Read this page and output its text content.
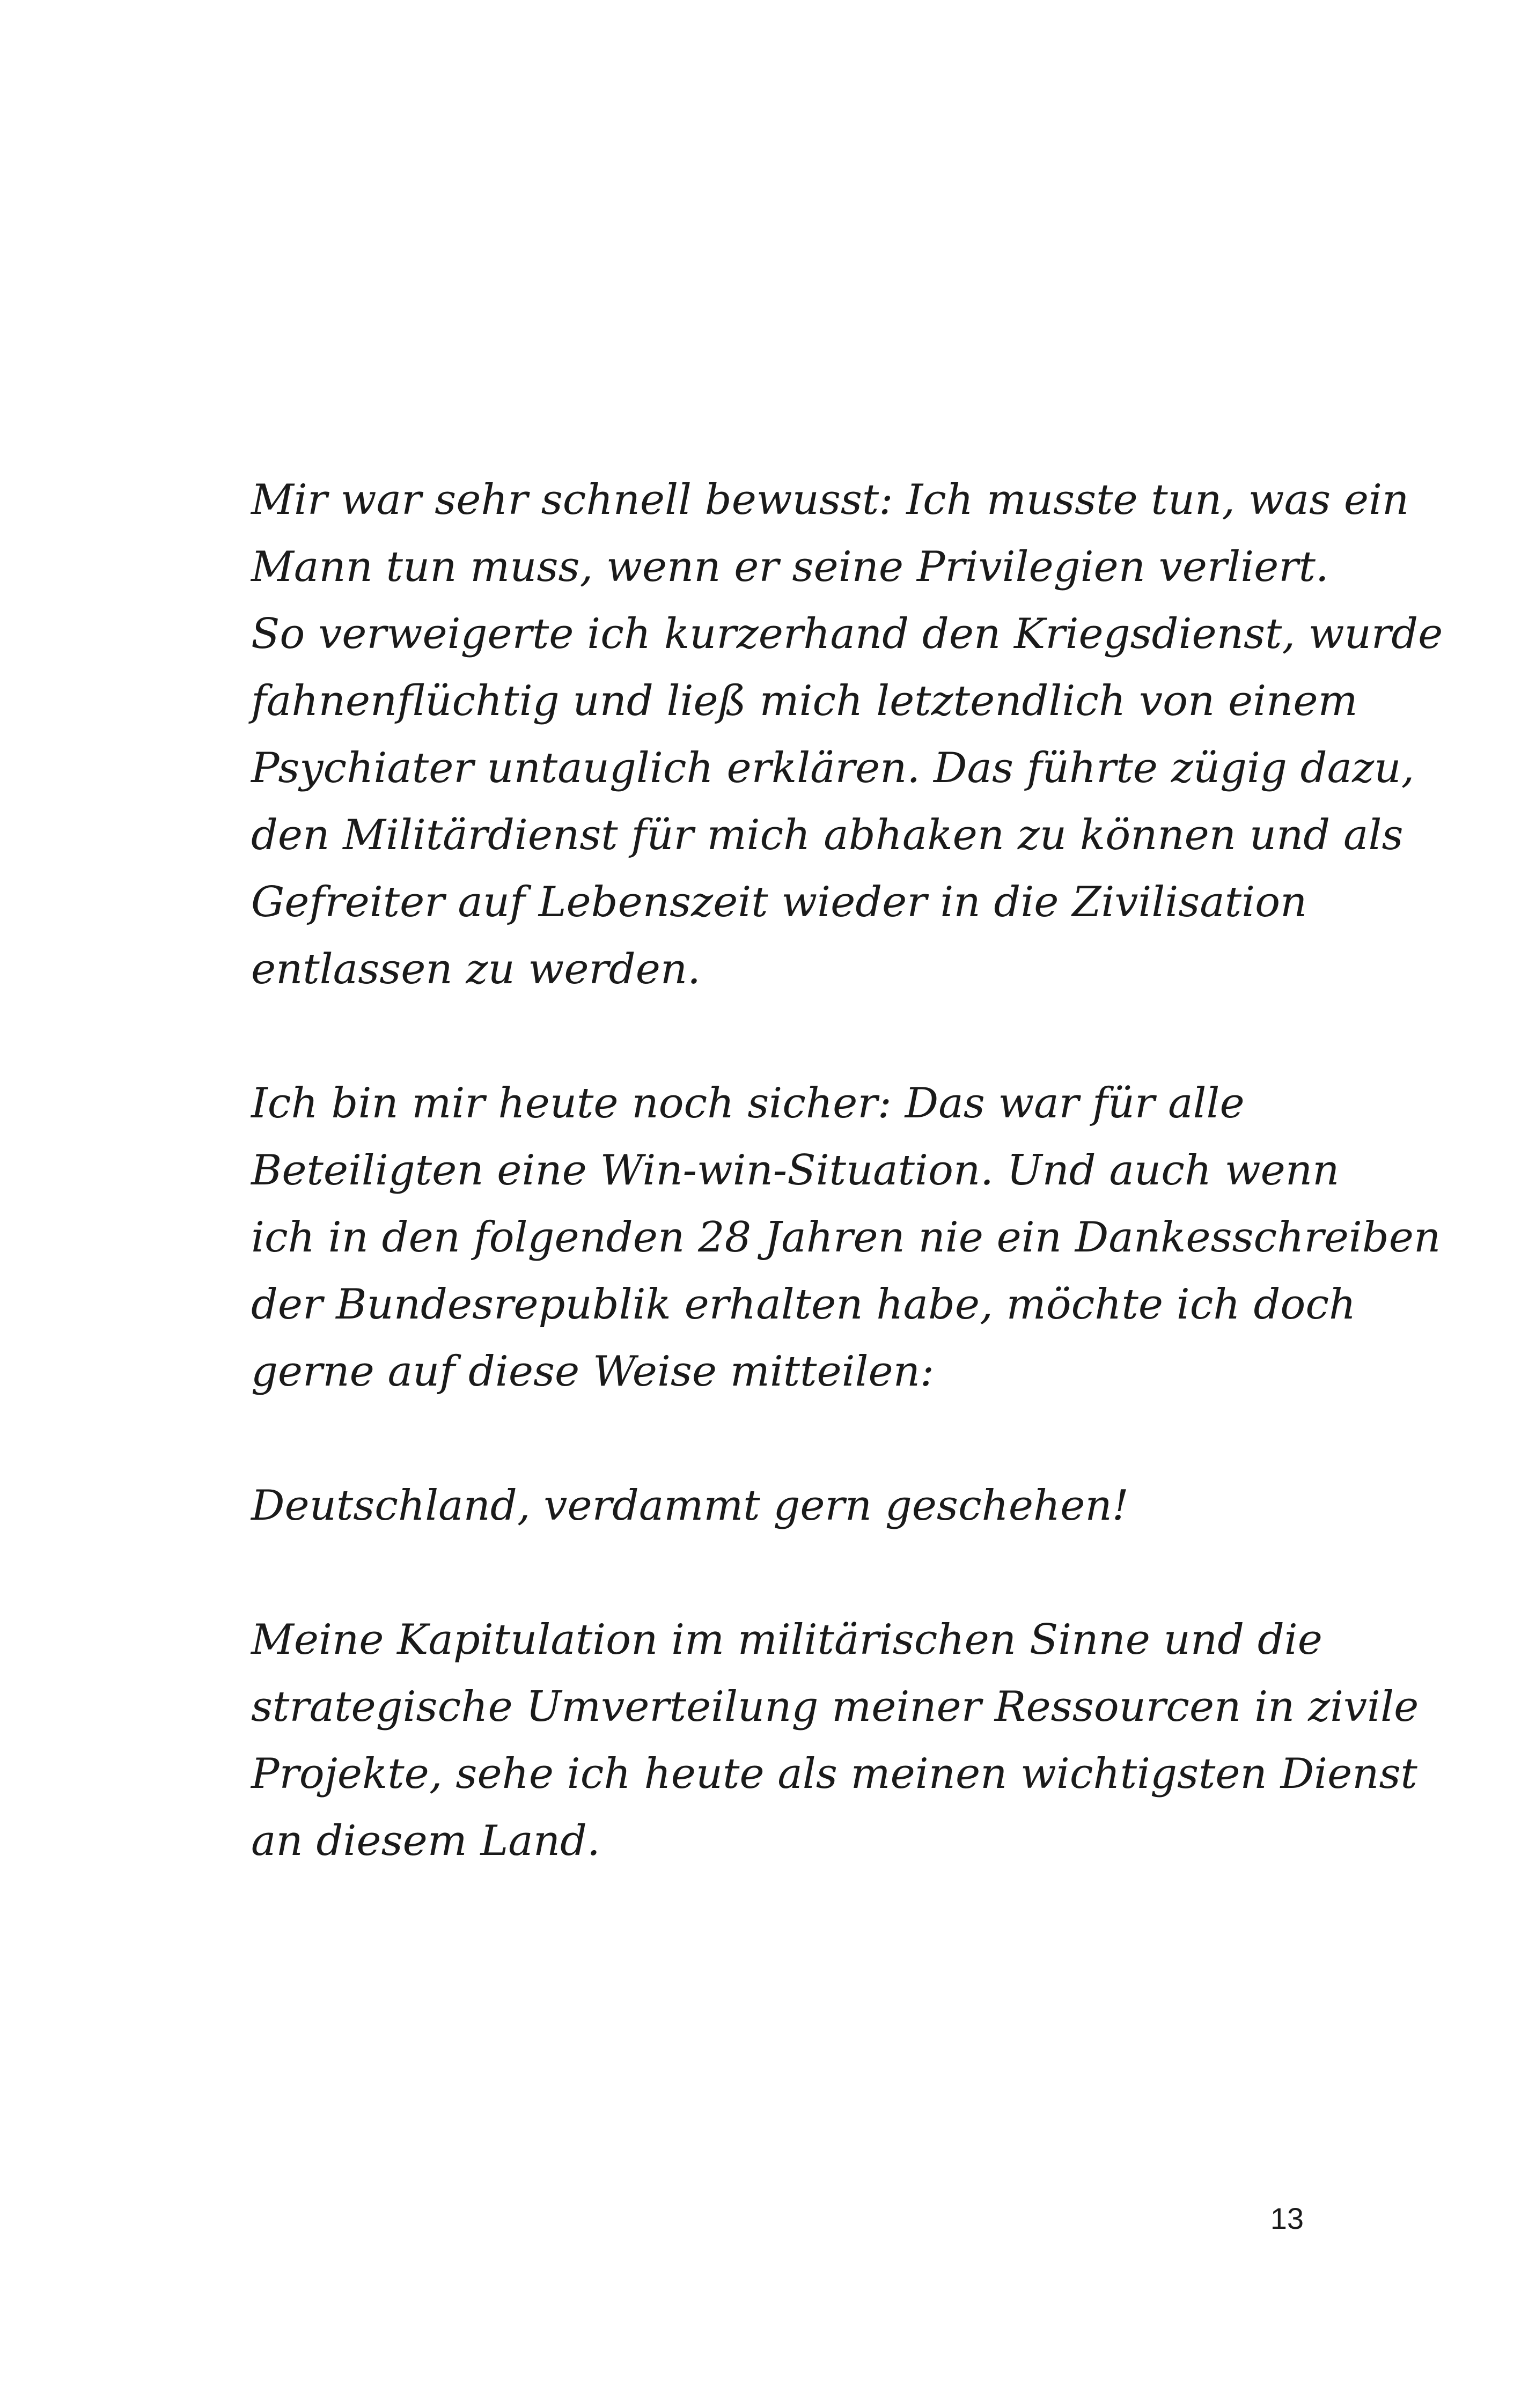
Mir war sehr schnell bewusst: Ich musste tun, was ein
Mann tun muss, wenn er seine Privilegien verliert.
So verweigerte ich kurzerhand den Kriegsdienst, wurde
fahnenflüchtig und ließ mich letztendlich von einem
Psychiater untauglich erklären. Das führte zügig dazu,
den Militärdienst für mich abhaken zu können und als
Gefreiter auf Lebenszeit wieder in die Zivilisation
entlassen zu werden.

Ich bin mir heute noch sicher: Das war für alle
Beteiligten eine Win-win-Situation. Und auch wenn
ich in den folgenden 28 Jahren nie ein Dankesschreiben
der Bundesrepublik erhalten habe, möchte ich doch
gerne auf diese Weise mitteilen:

Deutschland, verdammt gern geschehen!

Meine Kapitulation im militärischen Sinne und die
strategische Umverteilung meiner Ressourcen in zivile
Projekte, sehe ich heute als meinen wichtigsten Dienst
an diesem Land.

13
